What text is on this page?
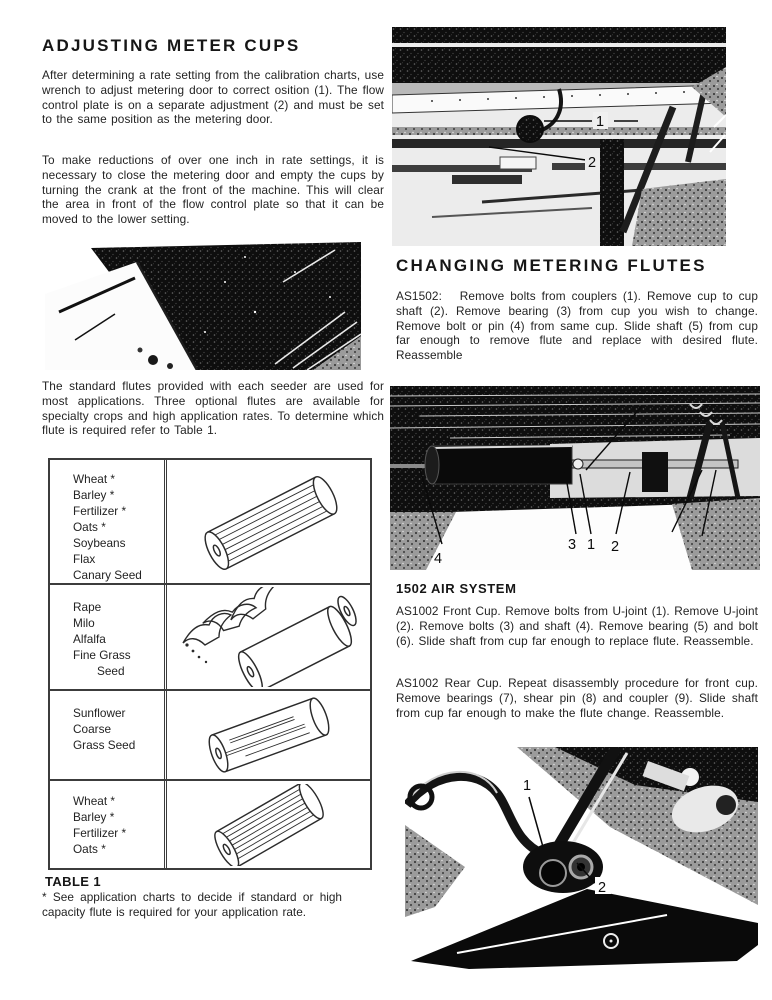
ADJUSTING METER CUPS

After determining a rate setting from the calibration charts, use wrench to adjust metering door to correct osition (1). The flow control plate is on a separate adjustment (2) and must be set to the same position as the metering door.

To make reductions of over one inch in rate settings, it is necessary to close the metering door and empty the cups by turning the crank at the front of the machine. This will clear the area in front of the flow control plate so that it can be moved to the lower setting.

The standard flutes provided with each seeder are used for most applications. Three optional flutes are available for specialty crops and high application rates. To determine which flute is required refer to Table 1.

Wheat *
Barley *
Fertilizer *
Oats *
Soybeans
Flax
Canary Seed
Rape
Milo
Alfalfa
Fine Grass
Seed
Sunflower
Coarse
Grass Seed
Wheat *
Barley *
Fertilizer *
Oats *
TABLE 1

* See application charts to decide if standard or high capacity flute is required for your application rate.

1
2
CHANGING METERING FLUTES

AS1502:   Remove bolts from couplers (1). Remove cup to cup shaft (2). Remove bearing (3) from cup you wish to change. Remove bolt or pin (4) from same cup. Slide shaft (5) from cup far enough to remove flute and replace with desired flute. Reassemble

3 1 2
4
1502 AIR SYSTEM

AS1002 Front Cup. Remove bolts from U-joint (1). Remove U-joint (2). Remove bolts (3) and shaft (4). Remove bearing (5) and bolt (6). Slide shaft from cup far enough to replace flute. Reassemble.

AS1002 Rear Cup. Repeat disassembly procedure for front cup. Remove bearings (7), shear pin (8) and coupler (9). Slide shaft from cup far enough to make the flute change. Reassemble.

1
2
